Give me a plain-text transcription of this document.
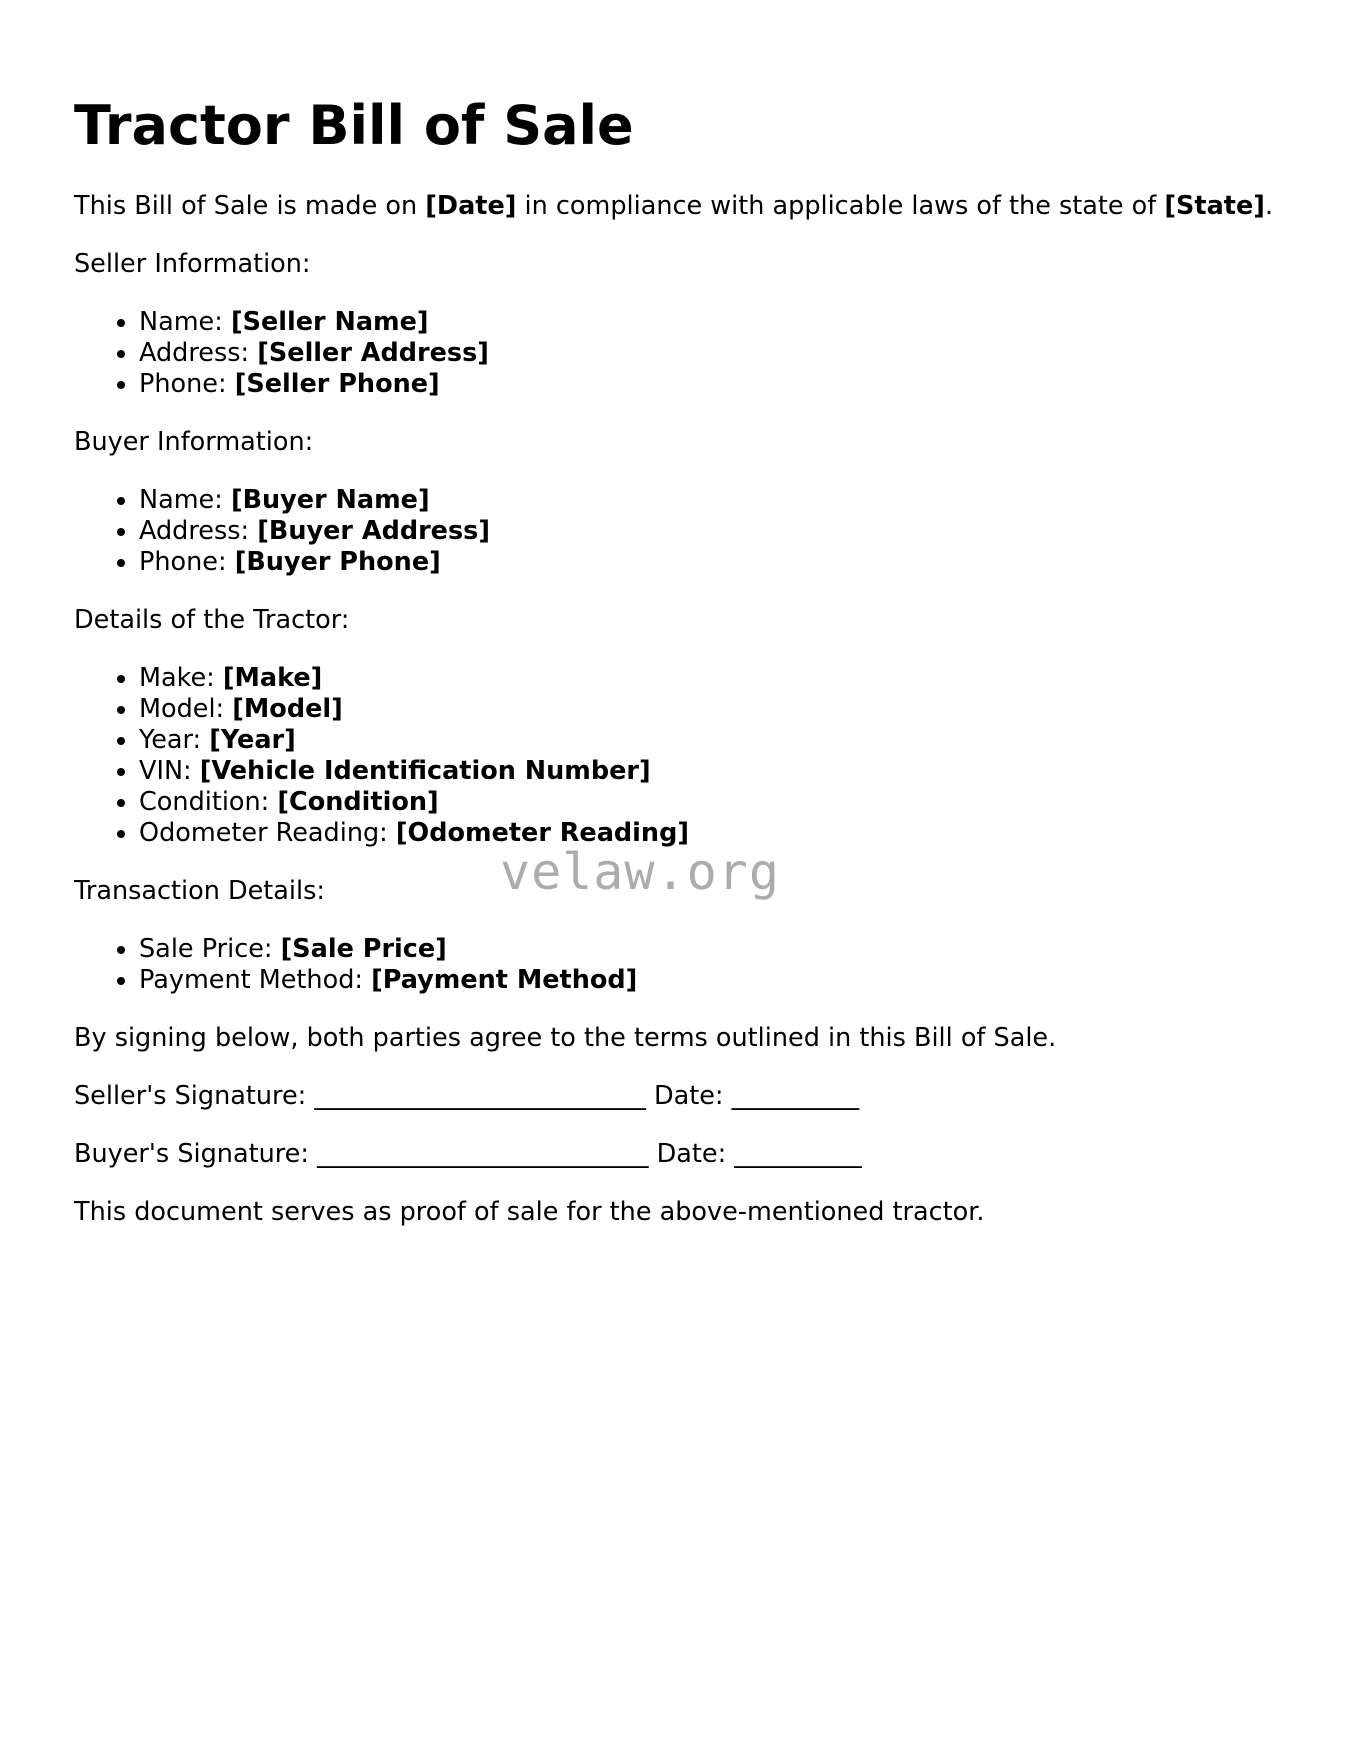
Tractor Bill of Sale

This Bill of Sale is made on [Date] in compliance with applicable laws of the state of [State].

Seller Information:

• Name: [Seller Name]
• Address: [Seller Address]
• Phone: [Seller Phone]

Buyer Information:

• Name: [Buyer Name]
• Address: [Buyer Address]
• Phone: [Buyer Phone]

Details of the Tractor:

• Make: [Make]
• Model: [Model]
• Year: [Year]
• VIN: [Vehicle Identification Number]
• Condition: [Condition]
• Odometer Reading: [Odometer Reading]

Transaction Details:

• Sale Price: [Sale Price]
• Payment Method: [Payment Method]

By signing below, both parties agree to the terms outlined in this Bill of Sale.

Seller's Signature: __________________________ Date: __________

Buyer's Signature: __________________________ Date: __________

This document serves as proof of sale for the above-mentioned tractor.

velaw.org
